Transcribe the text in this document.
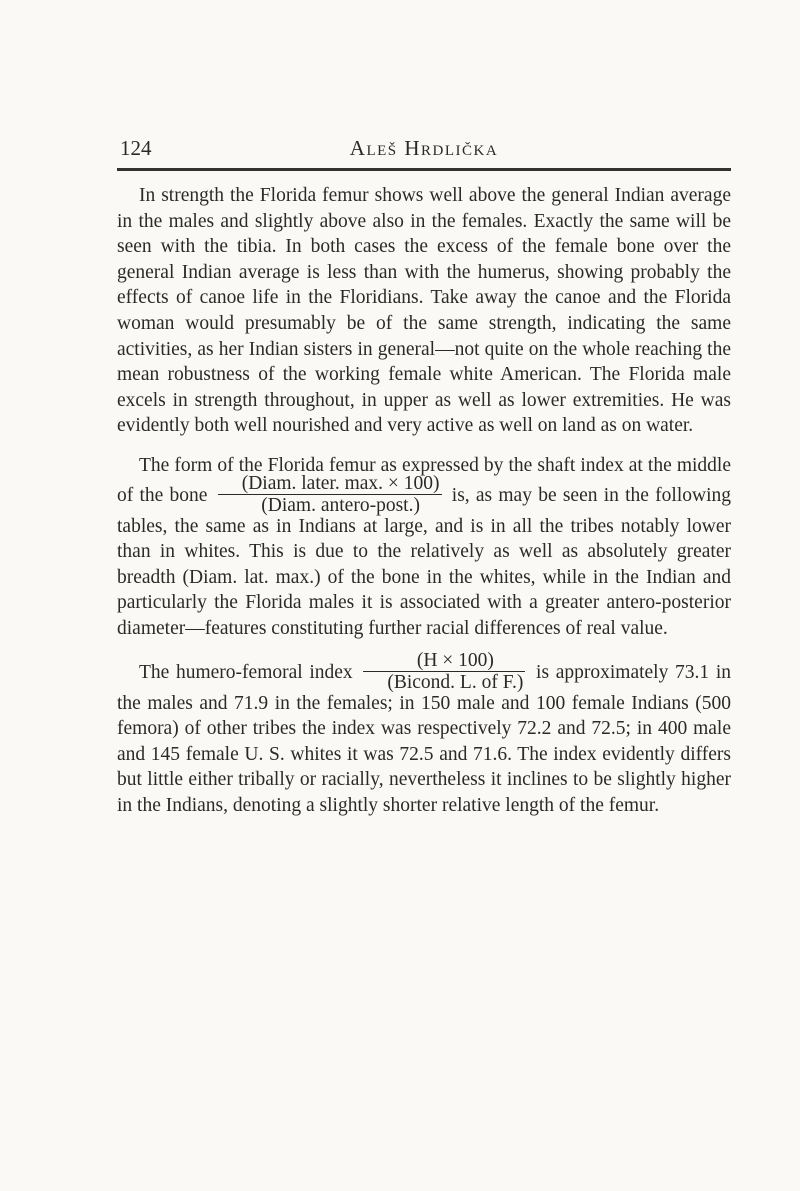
124	Aleš Hrdlička

In strength the Florida femur shows well above the general Indian average in the males and slightly above also in the females. Exactly the same will be seen with the tibia. In both cases the excess of the female bone over the general Indian average is less than with the humerus, showing probably the effects of canoe life in the Floridians. Take away the canoe and the Florida woman would presumably be of the same strength, indicating the same activities, as her Indian sisters in general—not quite on the whole reaching the mean robustness of the working female white American. The Florida male excels in strength throughout, in upper as well as lower extremities. He was evidently both well nourished and very active as well on land as on water.

The form of the Florida femur as expressed by the shaft index at the middle of the bone $\frac{\text{(Diam. later. max. × 100)}}{\text{(Diam. antero-post.)}}$ is, as may be seen in the following tables, the same as in Indians at large, and is in all the tribes notably lower than in whites. This is due to the relatively as well as absolutely greater breadth (Diam. lat. max.) of the bone in the whites, while in the Indian and particularly the Florida males it is associated with a greater antero-posterior diameter—features constituting further racial differences of real value.

The humero-femoral index $\frac{(H \times 100)}{\text{(Bicond. L. of F.)}}$ is approximately 73.1 in the males and 71.9 in the females; in 150 male and 100 female Indians (500 femora) of other tribes the index was respectively 72.2 and 72.5; in 400 male and 145 female U. S. whites it was 72.5 and 71.6. The index evidently differs but little either tribally or racially, nevertheless it inclines to be slightly higher in the Indians, denoting a slightly shorter relative length of the femur.
